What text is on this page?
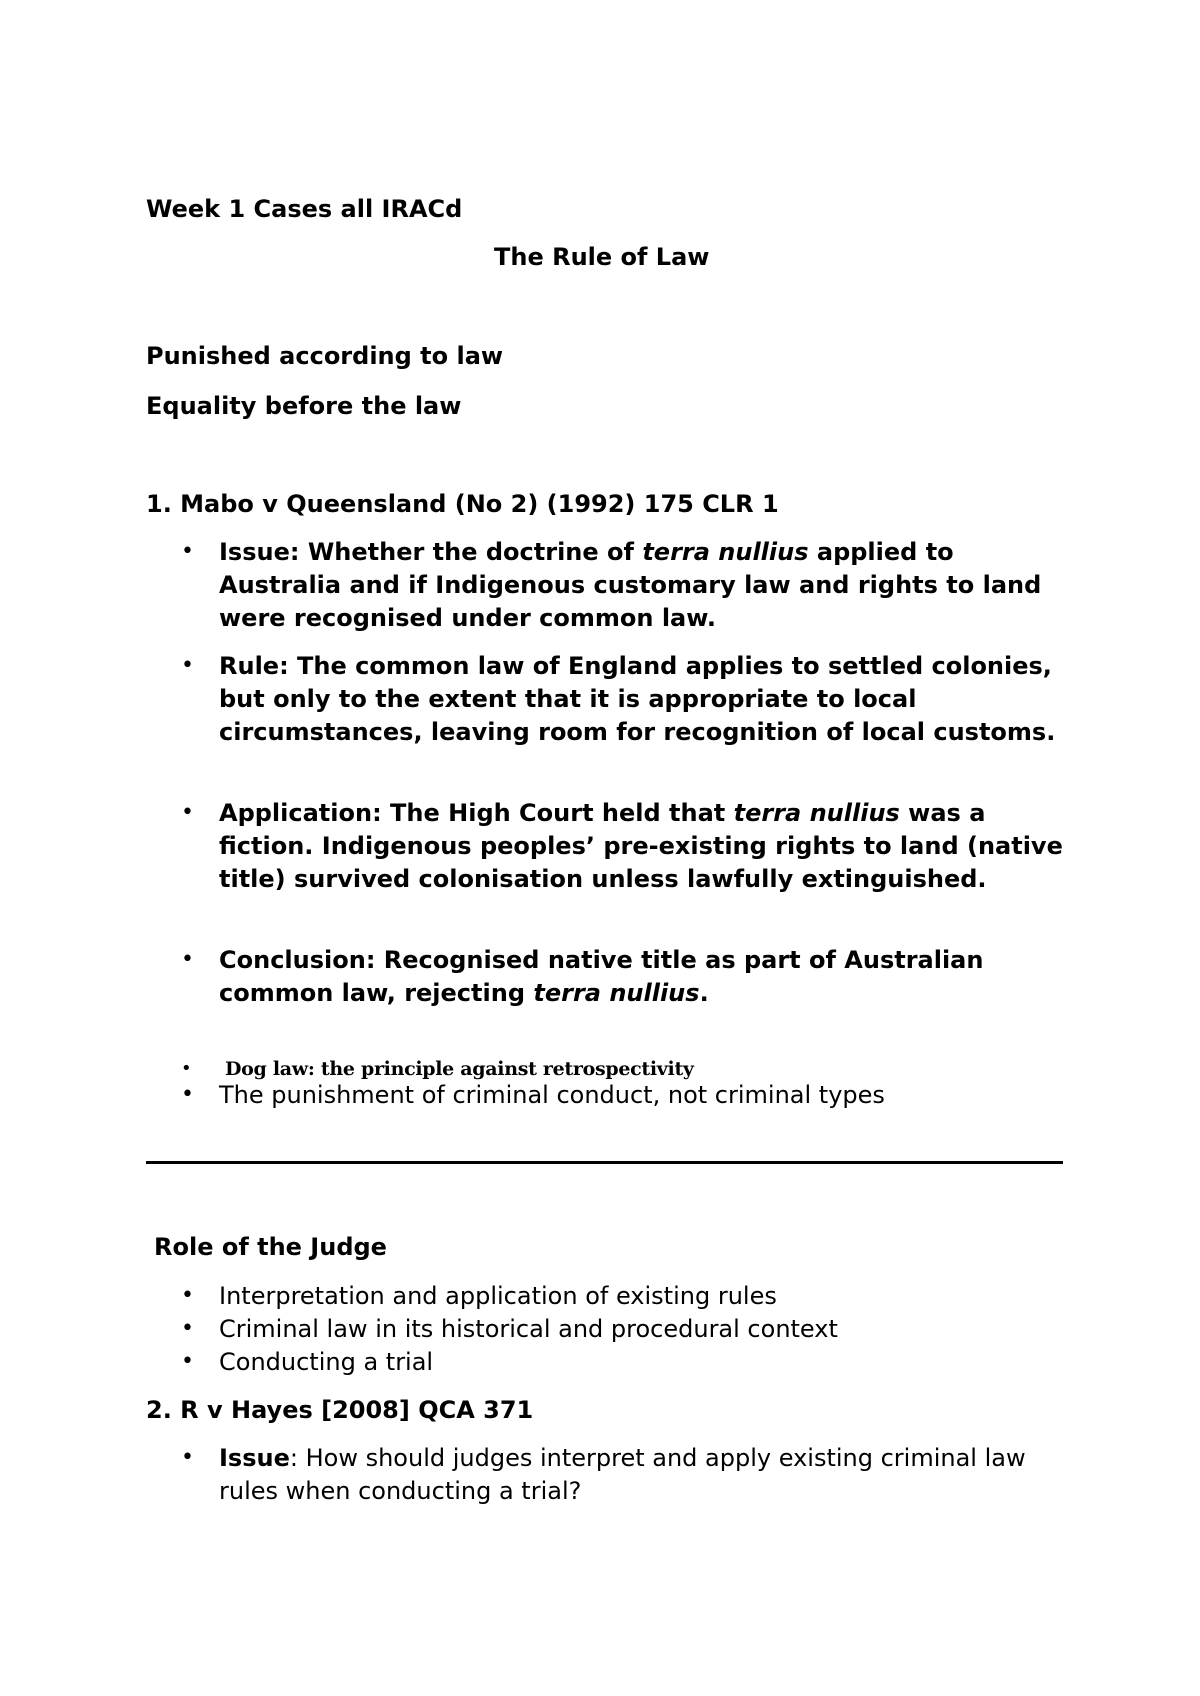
Week 1 Cases all IRACd
The Rule of Law
Punished according to law
Equality before the law
1. Mabo v Queensland (No 2) (1992) 175 CLR 1
• Issue: Whether the doctrine of terra nullius applied to Australia and if Indigenous customary law and rights to land were recognised under common law.
• Rule: The common law of England applies to settled colonies, but only to the extent that it is appropriate to local circumstances, leaving room for recognition of local customs.
• Application: The High Court held that terra nullius was a fiction. Indigenous peoples’ pre-existing rights to land (native title) survived colonisation unless lawfully extinguished.
• Conclusion: Recognised native title as part of Australian common law, rejecting terra nullius.
• Dog law: the principle against retrospectivity
• The punishment of criminal conduct, not criminal types
Role of the Judge
• Interpretation and application of existing rules
• Criminal law in its historical and procedural context
• Conducting a trial
2. R v Hayes [2008] QCA 371
• Issue: How should judges interpret and apply existing criminal law rules when conducting a trial?
